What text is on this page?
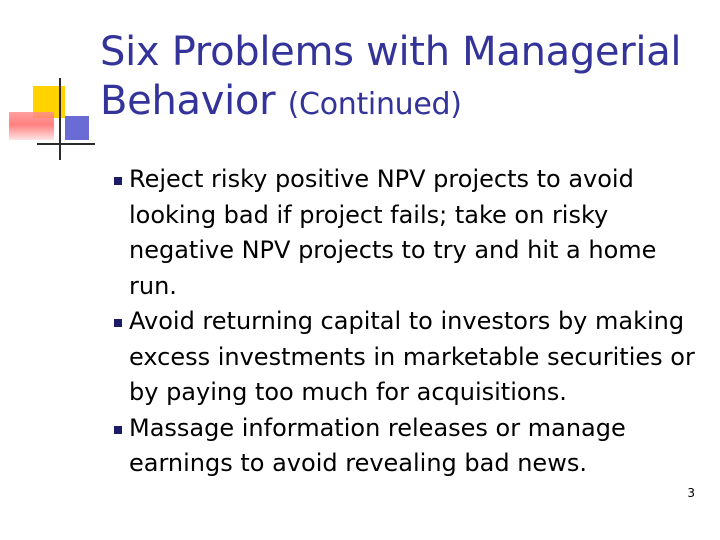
Six Problems with Managerial Behavior (Continued)
Reject risky positive NPV projects to avoid looking bad if project fails; take on risky negative NPV projects to try and hit a home run.
Avoid returning capital to investors by making excess investments in marketable securities or by paying too much for acquisitions.
Massage information releases or manage earnings to avoid revealing bad news.
3
